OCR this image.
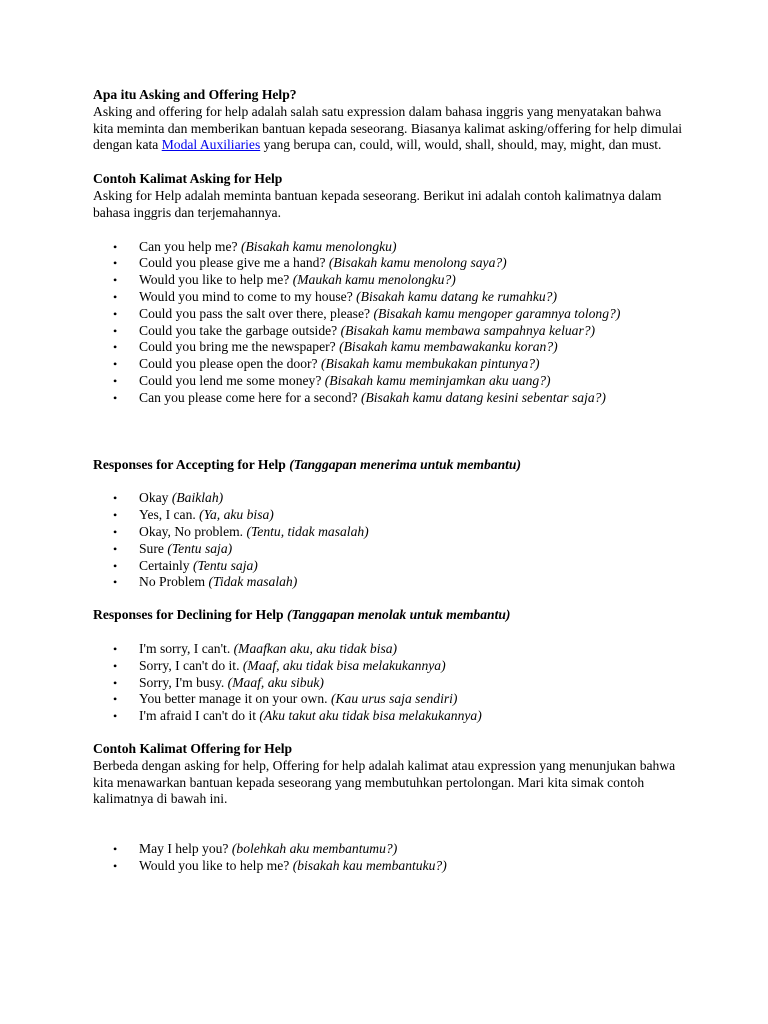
Apa itu Asking and Offering Help?

Asking and offering for help adalah salah satu expression dalam bahasa inggris yang menyatakan bahwa kita meminta dan memberikan bantuan kepada seseorang. Biasanya kalimat asking/offering for help dimulai dengan kata Modal Auxiliaries yang berupa can, could, will, would, shall, should, may, might, dan must.

Contoh Kalimat Asking for Help

Asking for Help adalah meminta bantuan kepada seseorang. Berikut ini adalah contoh kalimatnya dalam bahasa inggris dan terjemahannya.

• Can you help me? (Bisakah kamu menolongku)
• Could you please give me a hand? (Bisakah kamu menolong saya?)
• Would you like to help me? (Maukah kamu menolongku?)
• Would you mind to come to my house? (Bisakah kamu datang ke rumahku?)
• Could you pass the salt over there, please? (Bisakah kamu mengoper garamnya tolong?)
• Could you take the garbage outside? (Bisakah kamu membawa sampahnya keluar?)
• Could you bring me the newspaper? (Bisakah kamu membawakanku koran?)
• Could you please open the door? (Bisakah kamu membukakan pintunya?)
• Could you lend me some money? (Bisakah kamu meminjamkan aku uang?)
• Can you please come here for a second? (Bisakah kamu datang kesini sebentar saja?)

Responses for Accepting for Help (Tanggapan menerima untuk membantu)

• Okay (Baiklah)
• Yes, I can. (Ya, aku bisa)
• Okay, No problem. (Tentu, tidak masalah)
• Sure (Tentu saja)
• Certainly (Tentu saja)
• No Problem (Tidak masalah)

Responses for Declining for Help (Tanggapan menolak untuk membantu)

• I'm sorry, I can't. (Maafkan aku, aku tidak bisa)
• Sorry, I can't do it. (Maaf, aku tidak bisa melakukannya)
• Sorry, I'm busy. (Maaf, aku sibuk)
• You better manage it on your own. (Kau urus saja sendiri)
• I'm afraid I can't do it (Aku takut aku tidak bisa melakukannya)

Contoh Kalimat Offering for Help

Berbeda dengan asking for help, Offering for help adalah kalimat atau expression yang menunjukan bahwa kita menawarkan bantuan kepada seseorang yang membutuhkan pertolongan. Mari kita simak contoh kalimatnya di bawah ini.

• May I help you? (bolehkah aku membantumu?)
• Would you like to help me? (bisakah kau membantuku?)
